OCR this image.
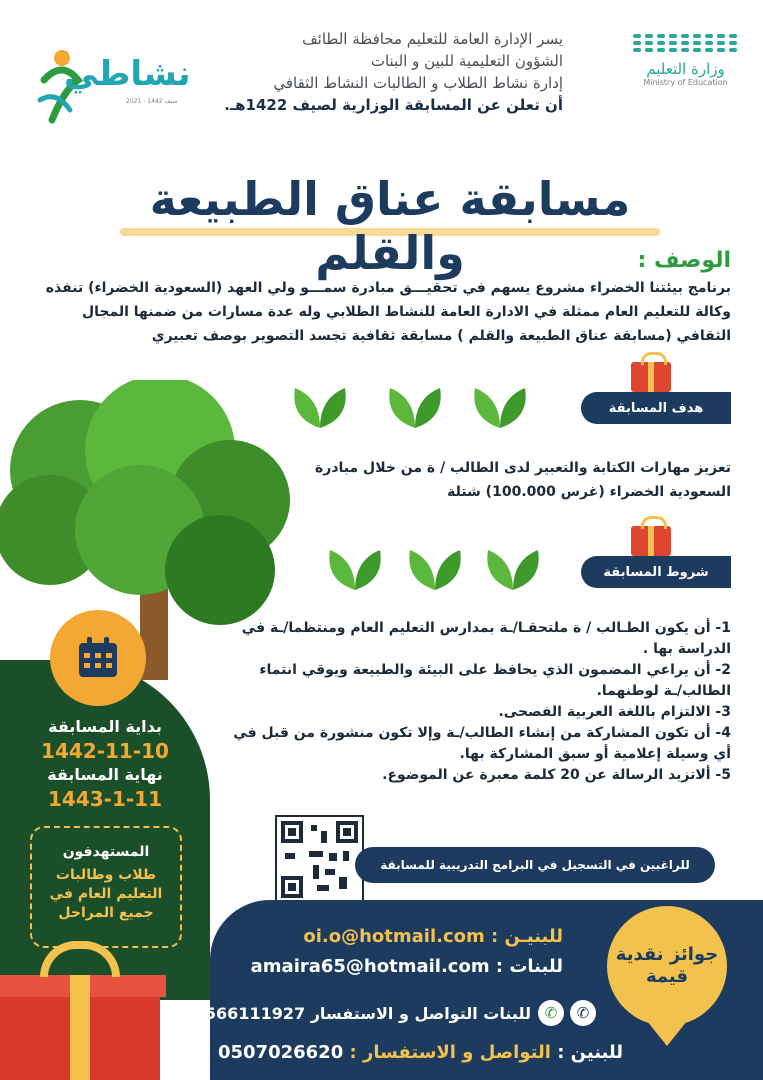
يسر الإدارة العامة للتعليم محافظة الطائف
الشؤون التعليمية للبين و البنات
إدارة نشاط الطلاب و الطالبات النشاط الثقافي
أن تعلن عن المسابقة الوزارية لصيف 1422هـ.
وزارة التعليم
Ministry of Education
نشاطي
صيف 1442 - 2021
مسابقة عناق الطبيعة والقلم	الوصف :
برنامج بيئتنا الخضراء مشروع يسهم في تحقيـــق مبادرة سمـــو ولي العهد (السعودية الخضراء) تنفذه وكالة للتعليم العام ممثلة في الادارة العامة للنشاط الطلابي وله عدة مسارات من ضمنها المجال الثقافي (مسابقة عناق الطبيعة والقلم ) مسابقة ثقافية تجسد التصوير بوصف تعبيري
هدف المسابقة
تعزيز مهارات الكتابة والتعبير لدى الطالب / ة من خلال مبادرة السعودية الخضراء (غرس 100.000) شتلة
شروط المسابقة
1- أن يكون الطـالب / ة ملتحقـا/ـة بمدارس التعليم العام ومنتظما/ـة في الدراسة بها .
2- أن يراعي المضمون الذي يحافظ على البيئة والطبيعة ويوقي انتماء الطالب/ـة لوطنهما.
3- الالتزام باللغة العربية الفصحى.
4- أن تكون المشاركة من إنشاء الطالب/ـة وإلا تكون منشورة من قبل في أي وسيلة إعلامية أو سبق المشاركة بها.
5- ألاتزيد الرسالة عن 20 كلمة معبرة عن الموضوع.
بداية المسابقة
1442-11-10
نهاية المسابقة
1443-1-11
المستهدفون
طلاب وطالبات التعليم العام في جميع المراحل
للراغبين في التسجيل في البرامج التدريبية للمسابقة
للبنيـن : oi.o@hotmail.com
للبنات : amaira65@hotmail.com
✆
✆
للبنات التواصل و الاستفسار 0566111927
للبنين : التواصل و الاستفسار : 0507026620
جوائز نقدية قيمة
